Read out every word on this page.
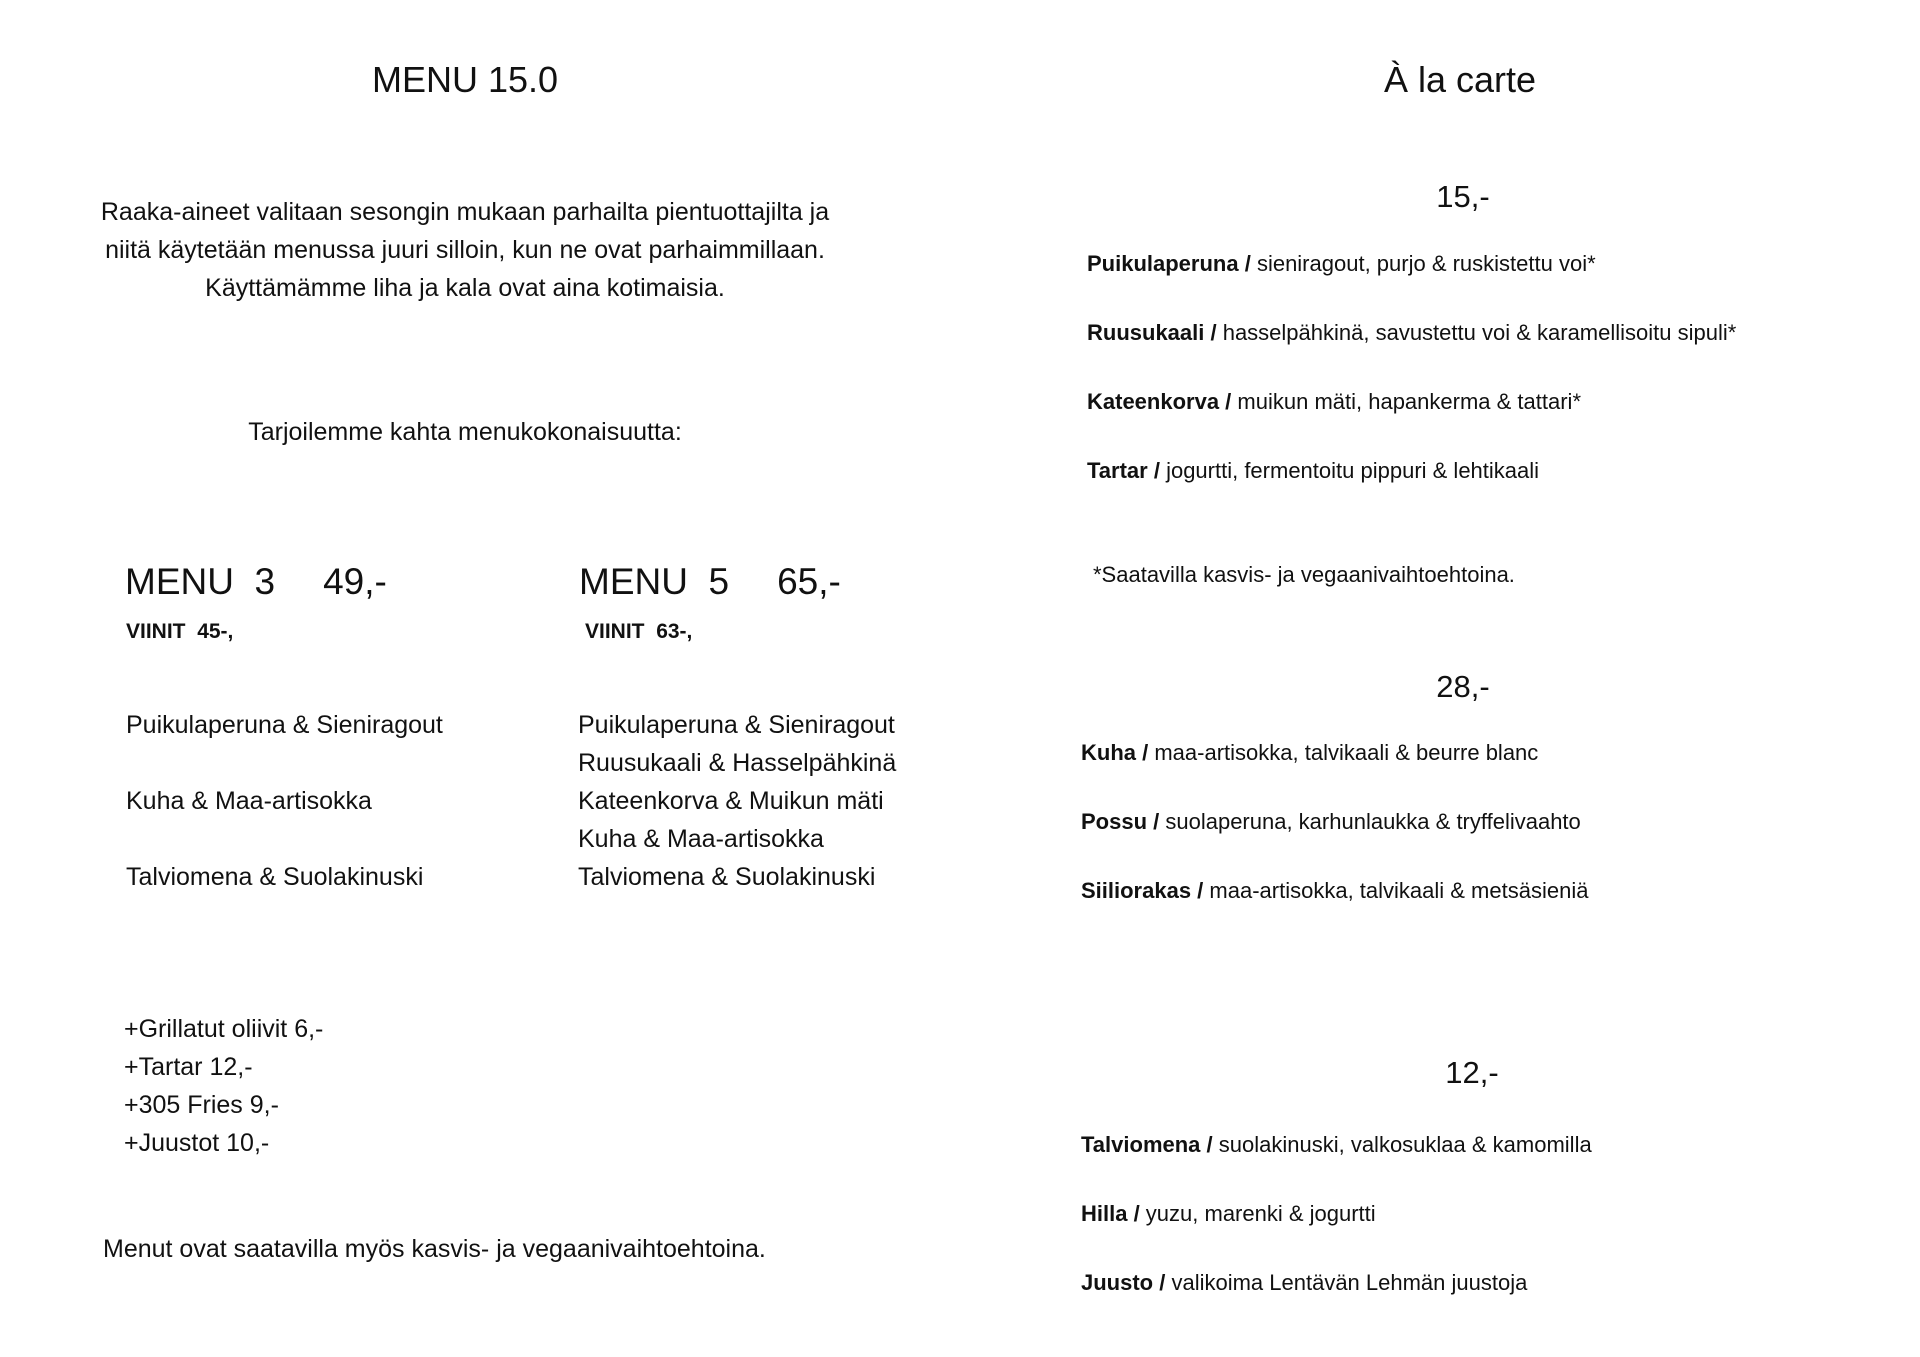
MENU 15.0
Raaka-aineet valitaan sesongin mukaan parhailta pientuottajilta ja
niitä käytetään menussa juuri silloin, kun ne ovat parhaimmillaan.
Käyttämämme liha ja kala ovat aina kotimaisia.
Tarjoilemme kahta menukokonaisuutta:
MENU  3 49,-
VIINIT 45-,
Puikulaperuna & Sieniragout
Kuha & Maa-artisokka
Talviomena & Suolakinuski
MENU  5 65,-
VIINIT 63-,
Puikulaperuna & Sieniragout
Ruusukaali & Hasselpähkinä
Kateenkorva & Muikun mäti
Kuha & Maa-artisokka
Talviomena & Suolakinuski
+Grillatut oliivit 6,-
+Tartar 12,-
+305 Fries 9,-
+Juustot 10,-
Menut ovat saatavilla myös kasvis- ja vegaanivaihtoehtoina.
À la carte
15,-
Puikulaperuna / sieniragout, purjo & ruskistettu voi*
Ruusukaali / hasselpähkinä, savustettu voi & karamellisoitu sipuli*
Kateenkorva / muikun mäti, hapankerma & tattari*
Tartar / jogurtti, fermentoitu pippuri & lehtikaali
*Saatavilla kasvis- ja vegaanivaihtoehtoina.
28,-
Kuha / maa-artisokka, talvikaali & beurre blanc
Possu / suolaperuna, karhunlaukka & tryffelivaahto
Siiliorakas / maa-artisokka, talvikaali & metsäsieniä
12,-
Talviomena / suolakinuski, valkosuklaa & kamomilla
Hilla / yuzu, marenki & jogurtti
Juusto / valikoima Lentävän Lehmän juustoja
